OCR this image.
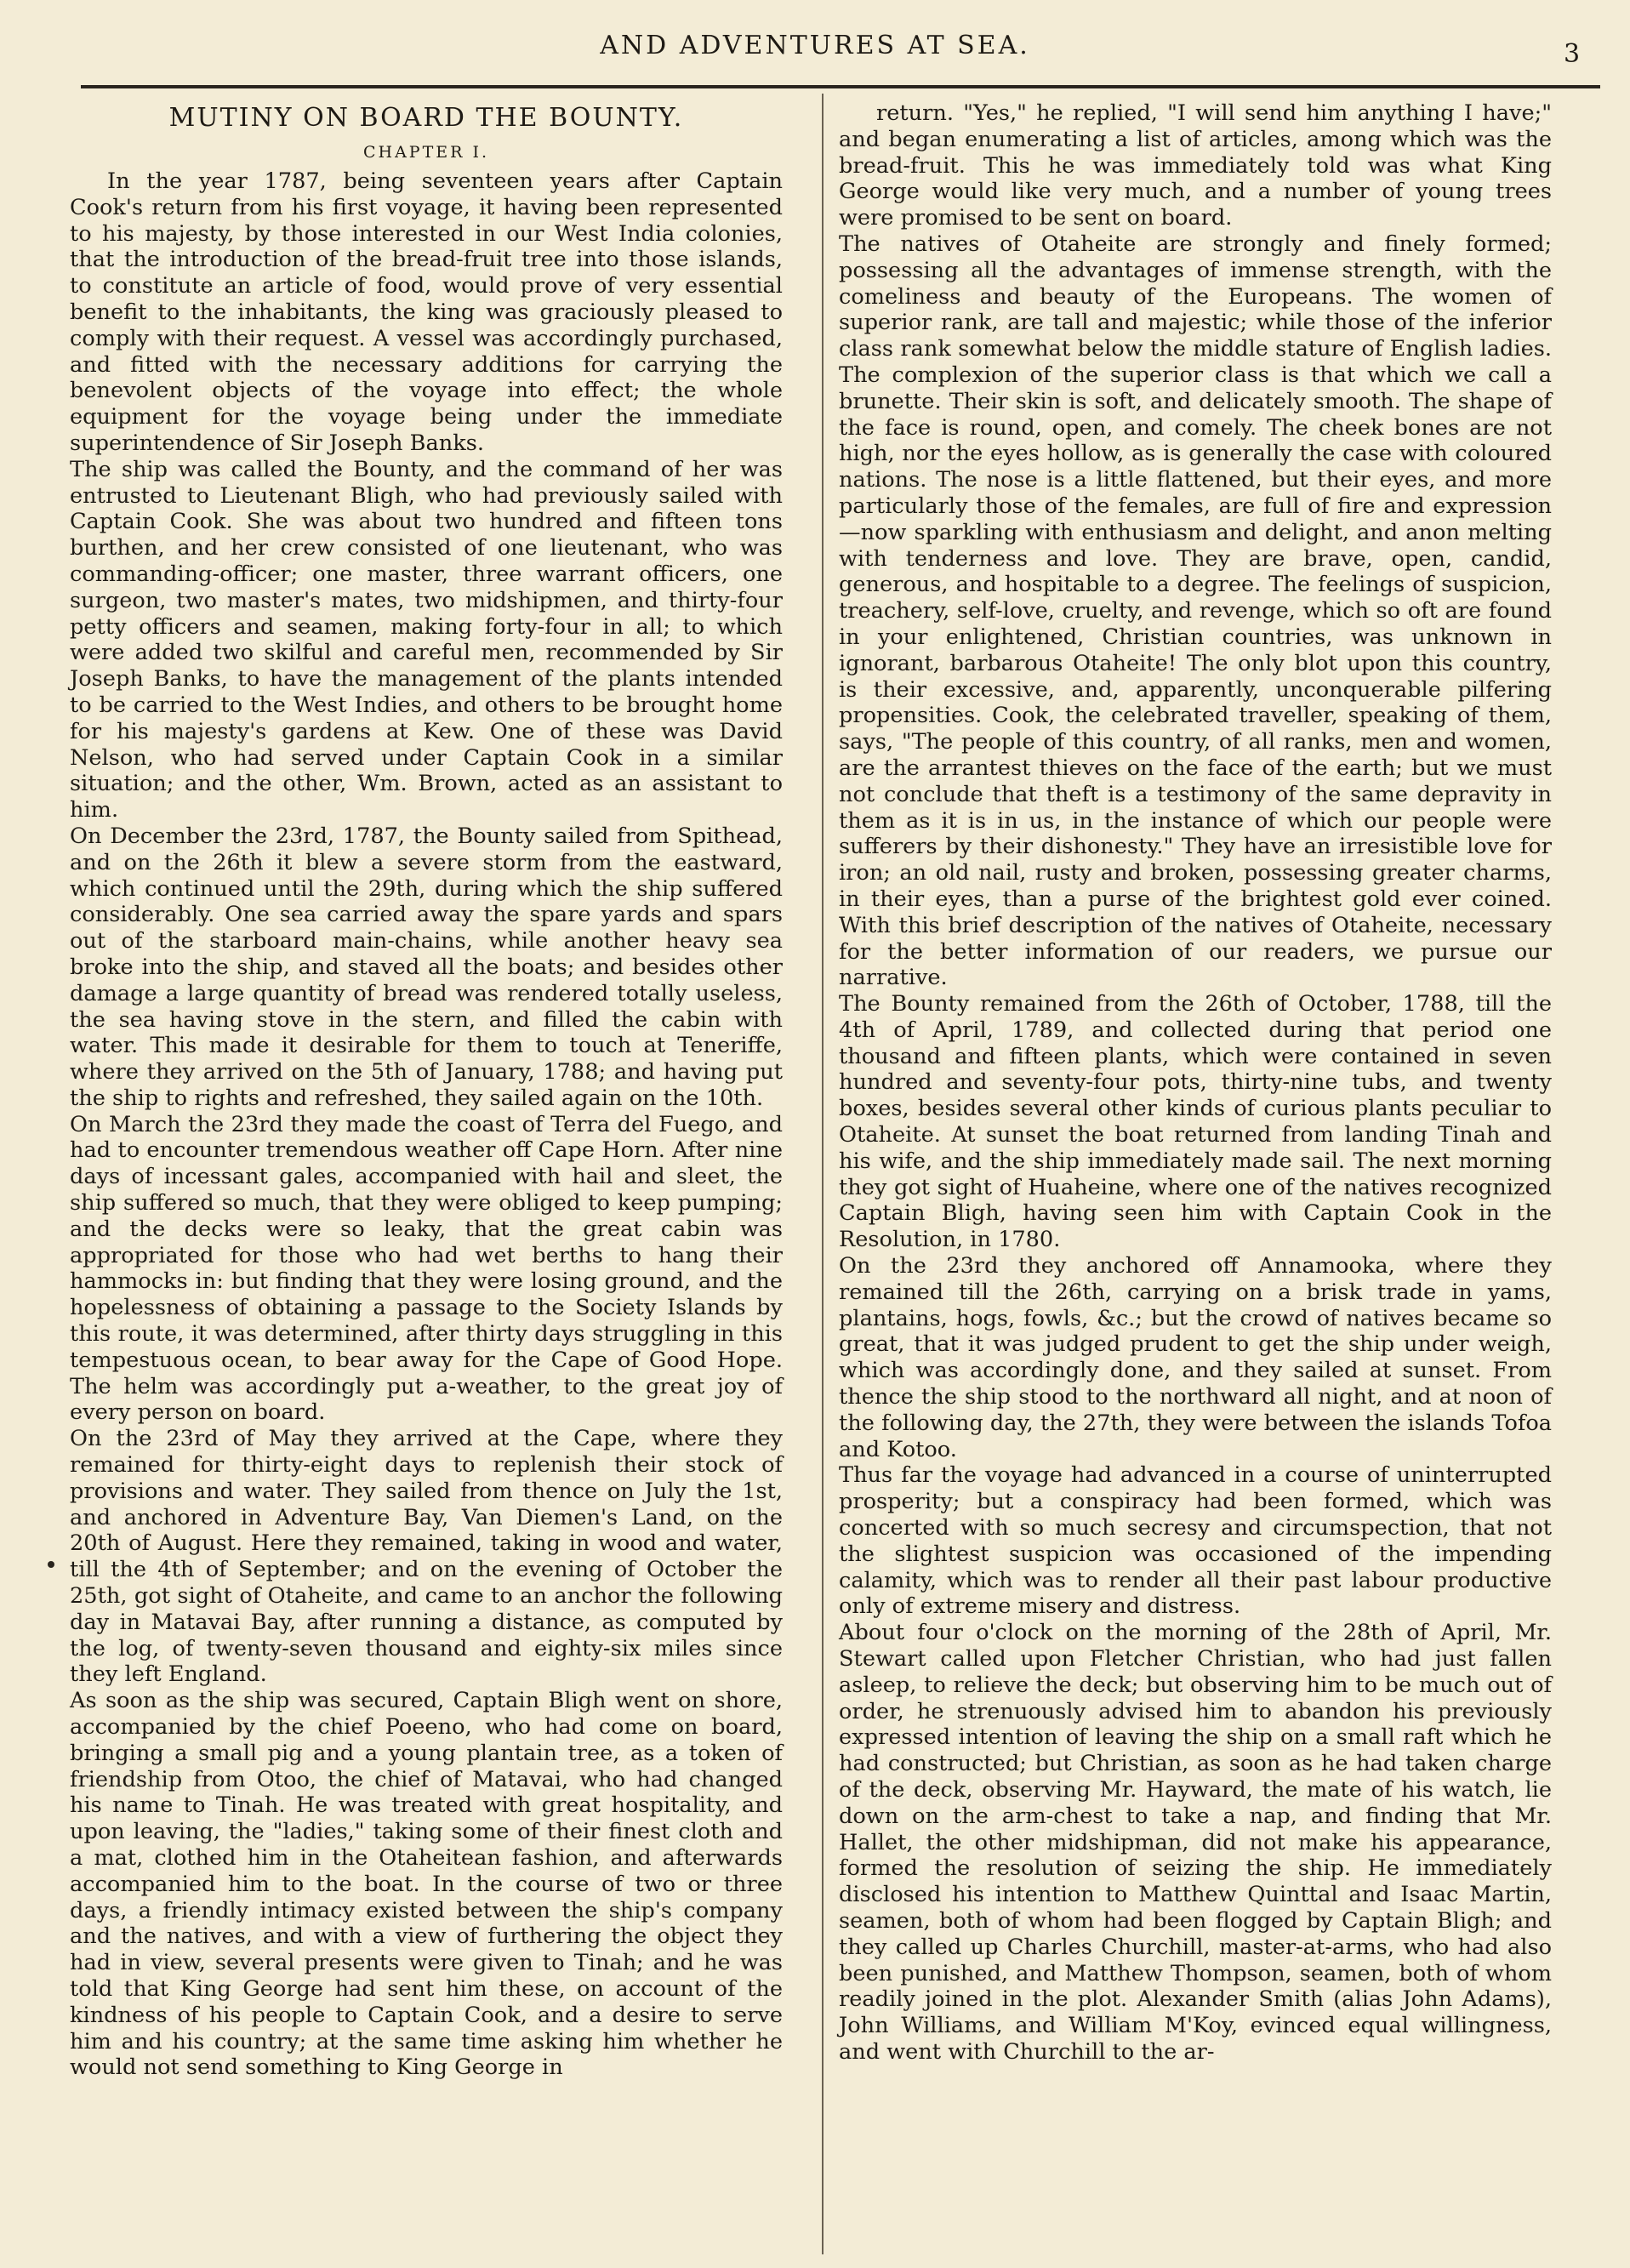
AND ADVENTURES AT SEA.	3
MUTINY ON BOARD THE BOUNTY.
CHAPTER I.

In the year 1787, being seventeen years after Captain Cook's return from his first voyage, it having been represented to his majesty, by those interested in our West India colonies, that the introduction of the bread-fruit tree into those islands, to constitute an article of food, would prove of very essential benefit to the inhabitants, the king was graciously pleased to comply with their request. A vessel was accordingly purchased, and fitted with the necessary additions for carrying the benevolent objects of the voyage into effect; the whole equipment for the voyage being under the immediate superintendence of Sir Joseph Banks.
The ship was called the Bounty, and the command of her was entrusted to Lieutenant Bligh, who had previously sailed with Captain Cook. She was about two hundred and fifteen tons burthen, and her crew consisted of one lieutenant, who was commanding-officer; one master, three warrant officers, one surgeon, two master's mates, two midshipmen, and thirty-four petty officers and seamen, making forty-four in all; to which were added two skilful and careful men, recommended by Sir Joseph Banks, to have the management of the plants intended to be carried to the West Indies, and others to be brought home for his majesty's gardens at Kew. One of these was David Nelson, who had served under Captain Cook in a similar situation; and the other, Wm. Brown, acted as an assistant to him.
On December the 23rd, 1787, the Bounty sailed from Spithead, and on the 26th it blew a severe storm from the eastward, which continued until the 29th, during which the ship suffered considerably. One sea carried away the spare yards and spars out of the starboard main-chains, while another heavy sea broke into the ship, and staved all the boats; and besides other damage a large quantity of bread was rendered totally useless, the sea having stove in the stern, and filled the cabin with water. This made it desirable for them to touch at Teneriffe, where they arrived on the 5th of January, 1788; and having put the ship to rights and refreshed, they sailed again on the 10th.
On March the 23rd they made the coast of Terra del Fuego, and had to encounter tremendous weather off Cape Horn. After nine days of incessant gales, accompanied with hail and sleet, the ship suffered so much, that they were obliged to keep pumping; and the decks were so leaky, that the great cabin was appropriated for those who had wet berths to hang their hammocks in: but finding that they were losing ground, and the hopelessness of obtaining a passage to the Society Islands by this route, it was determined, after thirty days struggling in this tempestuous ocean, to bear away for the Cape of Good Hope. The helm was accordingly put a-weather, to the great joy of every person on board.
On the 23rd of May they arrived at the Cape, where they remained for thirty-eight days to replenish their stock of provisions and water. They sailed from thence on July the 1st, and anchored in Adventure Bay, Van Diemen's Land, on the 20th of August. Here they remained, taking in wood and water, till the 4th of September; and on the evening of October the 25th, got sight of Otaheite, and came to an anchor the following day in Matavai Bay, after running a distance, as computed by the log, of twenty-seven thousand and eighty-six miles since they left England.
As soon as the ship was secured, Captain Bligh went on shore, accompanied by the chief Poeeno, who had come on board, bringing a small pig and a young plantain tree, as a token of friendship from Otoo, the chief of Matavai, who had changed his name to Tinah. He was treated with great hospitality, and upon leaving, the "ladies," taking some of their finest cloth and a mat, clothed him in the Otaheitean fashion, and afterwards accompanied him to the boat. In the course of two or three days, a friendly intimacy existed between the ship's company and the natives, and with a view of furthering the object they had in view, several presents were given to Tinah; and he was told that King George had sent him these, on account of the kindness of his people to Captain Cook, and a desire to serve him and his country; at the same time asking him whether he would not send something to King George in

return. "Yes," he replied, "I will send him anything I have;" and began enumerating a list of articles, among which was the bread-fruit. This he was immediately told was what King George would like very much, and a number of young trees were promised to be sent on board.
The natives of Otaheite are strongly and finely formed; possessing all the advantages of immense strength, with the comeliness and beauty of the Europeans. The women of superior rank, are tall and majestic; while those of the inferior class rank somewhat below the middle stature of English ladies. The complexion of the superior class is that which we call a brunette. Their skin is soft, and delicately smooth. The shape of the face is round, open, and comely. The cheek bones are not high, nor the eyes hollow, as is generally the case with coloured nations. The nose is a little flattened, but their eyes, and more particularly those of the females, are full of fire and expression—now sparkling with enthusiasm and delight, and anon melting with tenderness and love. They are brave, open, candid, generous, and hospitable to a degree. The feelings of suspicion, treachery, self-love, cruelty, and revenge, which so oft are found in your enlightened, Christian countries, was unknown in ignorant, barbarous Otaheite! The only blot upon this country, is their excessive, and, apparently, unconquerable pilfering propensities. Cook, the celebrated traveller, speaking of them, says, "The people of this country, of all ranks, men and women, are the arrantest thieves on the face of the earth; but we must not conclude that theft is a testimony of the same depravity in them as it is in us, in the instance of which our people were sufferers by their dishonesty." They have an irresistible love for iron; an old nail, rusty and broken, possessing greater charms, in their eyes, than a purse of the brightest gold ever coined. With this brief description of the natives of Otaheite, necessary for the better information of our readers, we pursue our narrative.
The Bounty remained from the 26th of October, 1788, till the 4th of April, 1789, and collected during that period one thousand and fifteen plants, which were contained in seven hundred and seventy-four pots, thirty-nine tubs, and twenty boxes, besides several other kinds of curious plants peculiar to Otaheite. At sunset the boat returned from landing Tinah and his wife, and the ship immediately made sail. The next morning they got sight of Huaheine, where one of the natives recognized Captain Bligh, having seen him with Captain Cook in the Resolution, in 1780.
On the 23rd they anchored off Annamooka, where they remained till the 26th, carrying on a brisk trade in yams, plantains, hogs, fowls, &c.; but the crowd of natives became so great, that it was judged prudent to get the ship under weigh, which was accordingly done, and they sailed at sunset. From thence the ship stood to the northward all night, and at noon of the following day, the 27th, they were between the islands Tofoa and Kotoo.
Thus far the voyage had advanced in a course of uninterrupted prosperity; but a conspiracy had been formed, which was concerted with so much secresy and circumspection, that not the slightest suspicion was occasioned of the impending calamity, which was to render all their past labour productive only of extreme misery and distress.
About four o'clock on the morning of the 28th of April, Mr. Stewart called upon Fletcher Christian, who had just fallen asleep, to relieve the deck; but observing him to be much out of order, he strenuously advised him to abandon his previously expressed intention of leaving the ship on a small raft which he had constructed; but Christian, as soon as he had taken charge of the deck, observing Mr. Hayward, the mate of his watch, lie down on the arm-chest to take a nap, and finding that Mr. Hallet, the other midshipman, did not make his appearance, formed the resolution of seizing the ship. He immediately disclosed his intention to Matthew Quinttal and Isaac Martin, seamen, both of whom had been flogged by Captain Bligh; and they called up Charles Churchill, master-at-arms, who had also been punished, and Matthew Thompson, seamen, both of whom readily joined in the plot. Alexander Smith (alias John Adams), John Williams, and William M'Koy, evinced equal willingness, and went with Churchill to the ar-
